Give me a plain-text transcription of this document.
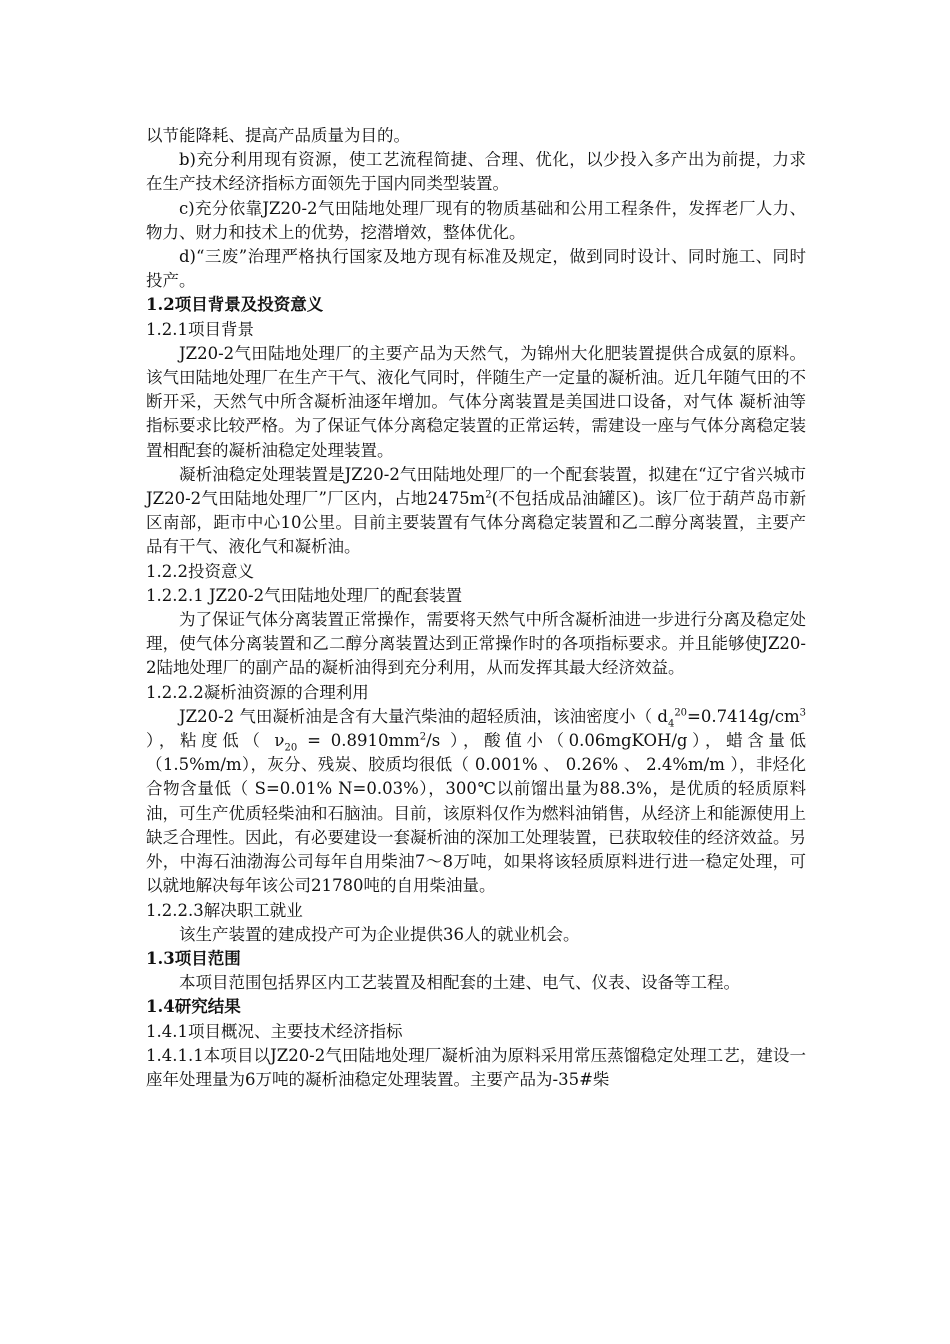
以节能降耗、提高产品质量为目的。

b)充分利用现有资源，使工艺流程简捷、合理、优化，以少投入多产出为前提，力求在生产技术经济指标方面领先于国内同类型装置。

c)充分依靠JZ20-2气田陆地处理厂现有的物质基础和公用工程条件，发挥老厂人力、物力、财力和技术上的优势，挖潜增效，整体优化。

d)“三废”治理严格执行国家及地方现有标准及规定，做到同时设计、同时施工、同时投产。

1.2项目背景及投资意义

1.2.1项目背景

JZ20-2气田陆地处理厂的主要产品为天然气，为锦州大化肥装置提供合成氨的原料。该气田陆地处理厂在生产干气、液化气同时，伴随生产一定量的凝析油。近几年随气田的不断开采，天然气中所含凝析油逐年增加。气体分离装置是美国进口设备，对气体 凝析油等指标要求比较严格。为了保证气体分离稳定装置的正常运转，需建设一座与气体分离稳定装置相配套的凝析油稳定处理装置。

凝析油稳定处理装置是JZ20-2气田陆地处理厂的一个配套装置，拟建在“辽宁省兴城市JZ20-2气田陆地处理厂”厂区内，占地$2475m^2$(不包括成品油罐区)。该厂位于葫芦岛市新区南部，距市中心10公里。目前主要装置有气体分离稳定装置和乙二醇分离装置，主要产品有干气、液化气和凝析油。

1.2.2投资意义

1.2.2.1 JZ20-2气田陆地处理厂的配套装置

为了保证气体分离装置正常操作，需要将天然气中所含凝析油进一步进行分离及稳定处理，使气体分离装置和乙二醇分离装置达到正常操作时的各项指标要求。并且能够使JZ20-2陆地处理厂的副产品的凝析油得到充分利用，从而发挥其最大经济效益。

1.2.2.2凝析油资源的合理利用

JZ20-2 气田凝析油是含有大量汽柴油的超轻质油，该油密度小（ $d_4^{20}=0.7414g/cm^3$ ），粘度低（ $\nu_{20} = 0.8910mm^2/s$ ），酸值小（0.06mgKOH/g），蜡含量低（1.5%m/m），灰分、残炭、胶质均很低（ 0.001% 、 0.26% 、 2.4%m/m ），非烃化合物含量低（ S=0.01% N=0.03%），300℃以前馏出量为88.3%，是优质的轻质原料油，可生产优质轻柴油和石脑油。目前，该原料仅作为燃料油销售，从经济上和能源使用上缺乏合理性。因此，有必要建设一套凝析油的深加工处理装置，已获取较佳的经济效益。另外，中海石油渤海公司每年自用柴油7～8万吨，如果将该轻质原料进行进一稳定处理，可以就地解决每年该公司21780吨的自用柴油量。

1.2.2.3解决职工就业

该生产装置的建成投产可为企业提供36人的就业机会。

1.3项目范围

本项目范围包括界区内工艺装置及相配套的土建、电气、仪表、设备等工程。

1.4研究结果

1.4.1项目概况、主要技术经济指标

1.4.1.1本项目以JZ20-2气田陆地处理厂凝析油为原料采用常压蒸馏稳定处理工艺，建设一座年处理量为6万吨的凝析油稳定处理装置。主要产品为-35#柴
